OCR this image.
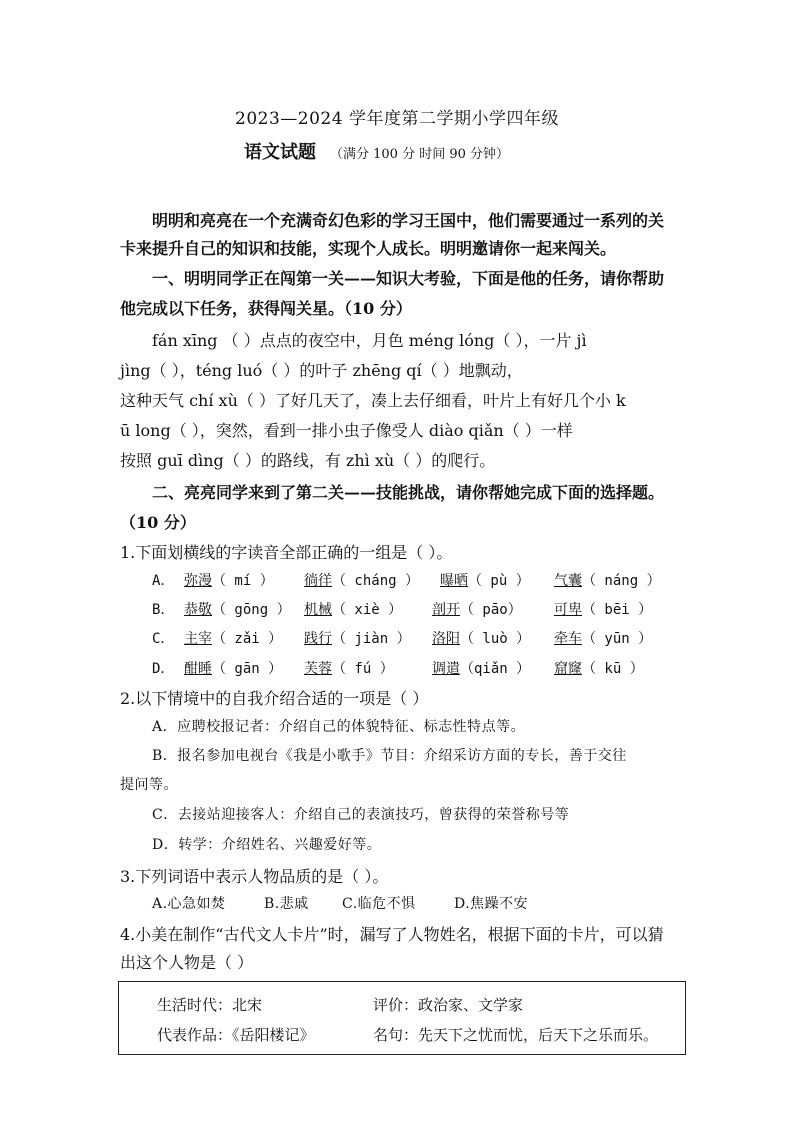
2023—2024 学年度第二学期小学四年级
语文试题 （满分 100 分 时间 90 分钟）
明明和亮亮在一个充满奇幻色彩的学习王国中，他们需要通过一系列的关
卡来提升自己的知识和技能，实现个人成长。明明邀请你一起来闯关。
一、明明同学正在闯第一关——知识大考验，下面是他的任务，请你帮助
他完成以下任务，获得闯关星。（10 分）
fán xīng （ ）点点的夜空中，月色 méng lóng（ ），一片 jì
jìng（ ），téng luó（ ）的叶子 zhēng qí（ ）地飘动，
这种天气 chí xù（ ）了好几天了，凑上去仔细看，叶片上有好几个小 k
ū long（ ），突然，看到一排小虫子像受人 diào qiǎn（ ）一样
按照 guī dìng（ ）的路线，有 zhì xù（ ）的爬行。
二、亮亮同学来到了第二关——技能挑战，请你帮她完成下面的选择题。
（10 分）
1.下面划横线的字读音全部正确的一组是（ ）。
A． 弥漫（ mí ） 徜徉（ cháng ） 曝晒（ pù ） 气囊（ náng ）
B． 恭敬（ gōng ） 机械（ xiè ） 剖开（ pāo） 可卑（ bēi ）
C． 主宰（ zǎi ） 践行（ jiàn ） 洛阳（ luò ） 牵车（ yūn ）
D． 酣睡（ gān ） 芙蓉（ fú ）	调遣（qiǎn ） 窟窿（ kū ）
2.以下情境中的自我介绍合适的一项是（ ）
A．应聘校报记者：介绍自己的体貌特征、标志性特点等。
B．报名参加电视台《我是小歌手》节目：介绍采访方面的专长，善于交往
提问等。
C．去接站迎接客人：介绍自己的表演技巧，曾获得的荣誉称号等
D．转学：介绍姓名、兴趣爱好等。
3.下列词语中表示人物品质的是（ ）。
A.心急如焚	B.悲戚	C.临危不惧	D.焦躁不安
4.小美在制作“古代文人卡片”时，漏写了人物姓名，根据下面的卡片，可以猜
出这个人物是（ ）
生活时代：北宋	评价：政治家、文学家
代表作品：《岳阳楼记》	名句：先天下之忧而忧，后天下之乐而乐。
